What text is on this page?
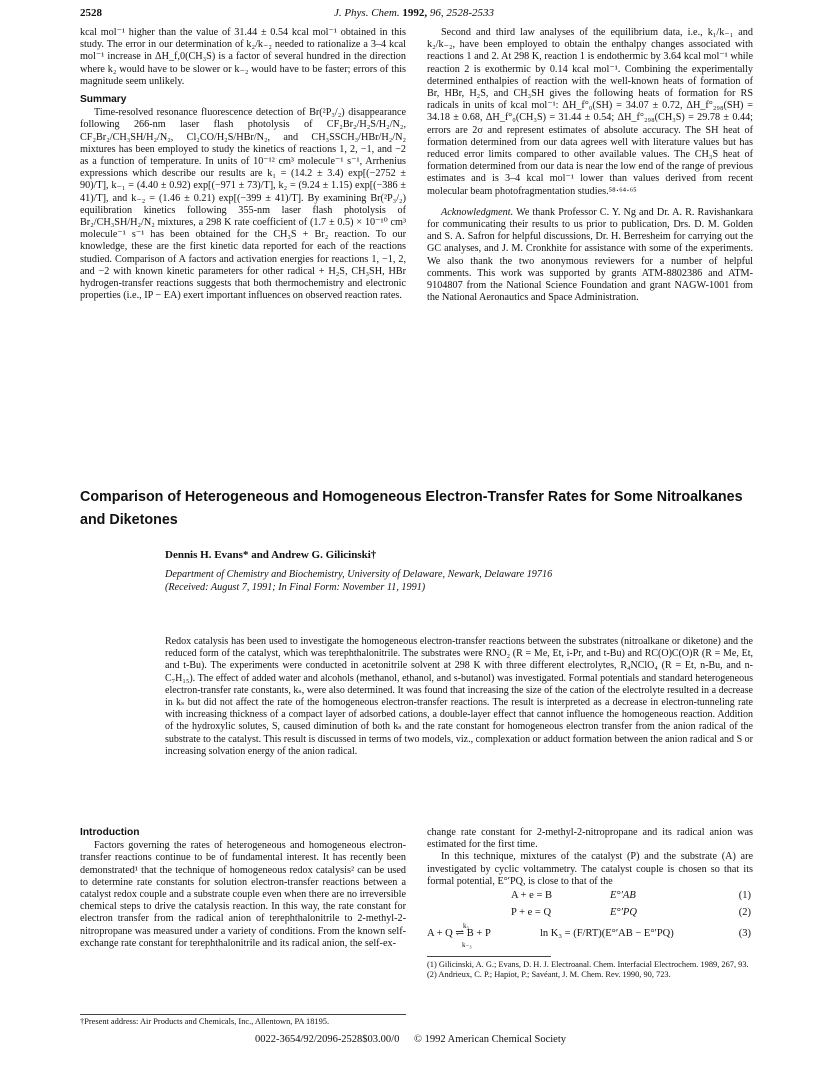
2528	J. Phys. Chem. 1992, 96, 2528-2533

kcal mol⁻¹ higher than the value of 31.44 ± 0.54 kcal mol⁻¹ obtained in this study. The error in our determination of k₂/k₋₂ needed to rationalize a 3–4 kcal mol⁻¹ increase in ΔH_f,0(CH₃S) is a factor of several hundred in the direction where k₂ would have to be slower or k₋₂ would have to be faster; errors of this magnitude seem unlikely.

Summary

Time-resolved resonance fluorescence detection of Br(²P₃/₂) disappearance following 266-nm laser flash photolysis of CF₂Br₂/H₂S/H₂/N₂, CF₂Br₂/CH₃SH/H₂/N₂, Cl₂CO/H₂S/HBr/N₂, and CH₃SSCH₃/HBr/H₂/N₂ mixtures has been employed to study the kinetics of reactions 1, 2, −1, and −2 as a function of temperature. In units of 10⁻¹² cm³ molecule⁻¹ s⁻¹, Arrhenius expressions which describe our results are k₁ = (14.2 ± 3.4) exp[(−2752 ± 90)/T], k₋₁ = (4.40 ± 0.92) exp[(−971 ± 73)/T], k₂ = (9.24 ± 1.15) exp[(−386 ± 41)/T], and k₋₂ = (1.46 ± 0.21) exp[(−399 ± 41)/T]. By examining Br(²P₃/₂) equilibration kinetics following 355-nm laser flash photolysis of Br₂/CH₃SH/H₂/N₂ mixtures, a 298 K rate coefficient of (1.7 ± 0.5) × 10⁻¹⁰ cm³ molecule⁻¹ s⁻¹ has been obtained for the CH₃S + Br₂ reaction. To our knowledge, these are the first kinetic data reported for each of the reactions studied. Comparison of A factors and activation energies for reactions 1, −1, 2, and −2 with known kinetic parameters for other radical + H₂S, CH₃SH, HBr hydrogen-transfer reactions suggests that both thermochemistry and electronic properties (i.e., IP − EA) exert important influences on observed reaction rates.

Second and third law analyses of the equilibrium data, i.e., k₁/k₋₁ and k₂/k₋₂, have been employed to obtain the enthalpy changes associated with reactions 1 and 2. At 298 K, reaction 1 is endothermic by 3.64 kcal mol⁻¹ while reaction 2 is exothermic by 0.14 kcal mol⁻¹. Combining the experimentally determined enthalpies of reaction with the well-known heats of formation of Br, HBr, H₂S, and CH₃SH gives the following heats of formation for RS radicals in units of kcal mol⁻¹: ΔH_f°₀(SH) = 34.07 ± 0.72, ΔH_f°₂₉₈(SH) = 34.18 ± 0.68, ΔH_f°₀(CH₃S) = 31.44 ± 0.54; ΔH_f°₂₉₈(CH₃S) = 29.78 ± 0.44; errors are 2σ and represent estimates of absolute accuracy. The SH heat of formation determined from our data agrees well with literature values but has reduced error limits compared to other available values. The CH₃S heat of formation determined from our data is near the low end of the range of previous estimates and is 3–4 kcal mol⁻¹ lower than values derived from recent molecular beam photofragmentation studies.⁵⁸·⁶⁴·⁶⁵

Acknowledgment. We thank Professor C. Y. Ng and Dr. A. R. Ravishankara for communicating their results to us prior to publication, Drs. D. M. Golden and S. A. Safron for helpful discussions, Dr. H. Berresheim for carrying out the GC analyses, and J. M. Cronkhite for assistance with some of the experiments. We also thank the two anonymous reviewers for a number of helpful comments. This work was supported by grants ATM-8802386 and ATM-9104807 from the National Science Foundation and grant NAGW-1001 from the National Aeronautics and Space Administration.

Comparison of Heterogeneous and Homogeneous Electron-Transfer Rates for Some Nitroalkanes and Diketones
Dennis H. Evans* and Andrew G. Gilicinski†
Department of Chemistry and Biochemistry, University of Delaware, Newark, Delaware 19716
(Received: August 7, 1991; In Final Form: November 11, 1991)
Redox catalysis has been used to investigate the homogeneous electron-transfer reactions between the substrates (nitroalkane or diketone) and the reduced form of the catalyst, which was terephthalonitrile. The substrates were RNO₂ (R = Me, Et, i-Pr, and t-Bu) and RC(O)C(O)R (R = Me, Et, and t-Bu). The experiments were conducted in acetonitrile solvent at 298 K with three different electrolytes, R₄NClO₄ (R = Et, n-Bu, and n-C₇H₁₅). The effect of added water and alcohols (methanol, ethanol, and s-butanol) was investigated. Formal potentials and standard heterogeneous electron-transfer rate constants, kₛ, were also determined. It was found that increasing the size of the cation of the electrolyte resulted in a decrease in kₛ but did not affect the rate of the homogeneous electron-transfer reactions. The result is interpreted as a decrease in electron-tunneling rate with increasing thickness of a compact layer of adsorbed cations, a double-layer effect that cannot influence the homogeneous reaction. Addition of the hydroxylic solutes, S, caused diminution of both kₛ and the rate constant for homogeneous electron transfer from the anion radical of the substrate to the catalyst. This result is discussed in terms of two models, viz., complexation or adduct formation between the anion radical and S or increasing solvation energy of the anion radical.
Introduction

Factors governing the rates of heterogeneous and homogeneous electron-transfer reactions continue to be of fundamental interest. It has recently been demonstrated¹ that the technique of homogeneous redox catalysis² can be used to determine rate constants for solution electron-transfer reactions between a catalyst redox couple and a substrate couple even when there are no irreversible chemical steps to drive the catalysis reaction. In this way, the rate constant for electron transfer from the radical anion of terephthalonitrile to 2-methyl-2-nitropropane was measured under a variety of conditions. From the known self-exchange rate constant for terephthalonitrile and its radical anion, the self-ex-

change rate constant for 2-methyl-2-nitropropane and its radical anion was estimated for the first time.

In this technique, mixtures of the catalyst (P) and the substrate (A) are investigated by cyclic voltammetry. The catalyst couple is chosen so that its formal potential, E°′PQ, is close to that of the

A + e = B	E°′AB	(1)
P + e = Q	E°′PQ	(2)
A + Q ⇌ B + P
k₃
k₋₃
ln K₃ = (F/RT)(E°′AB − E°′PQ)	(3)
(1) Gilicinski, A. G.; Evans, D. H. J. Electroanal. Chem. Interfacial Electrochem. 1989, 267, 93.
(2) Andrieux, C. P.; Hapiot, P.; Savéant, J. M. Chem. Rev. 1990, 90, 723.
†Present address: Air Products and Chemicals, Inc., Allentown, PA 18195.
0022-3654/92/2096-2528$03.00/0 © 1992 American Chemical Society
